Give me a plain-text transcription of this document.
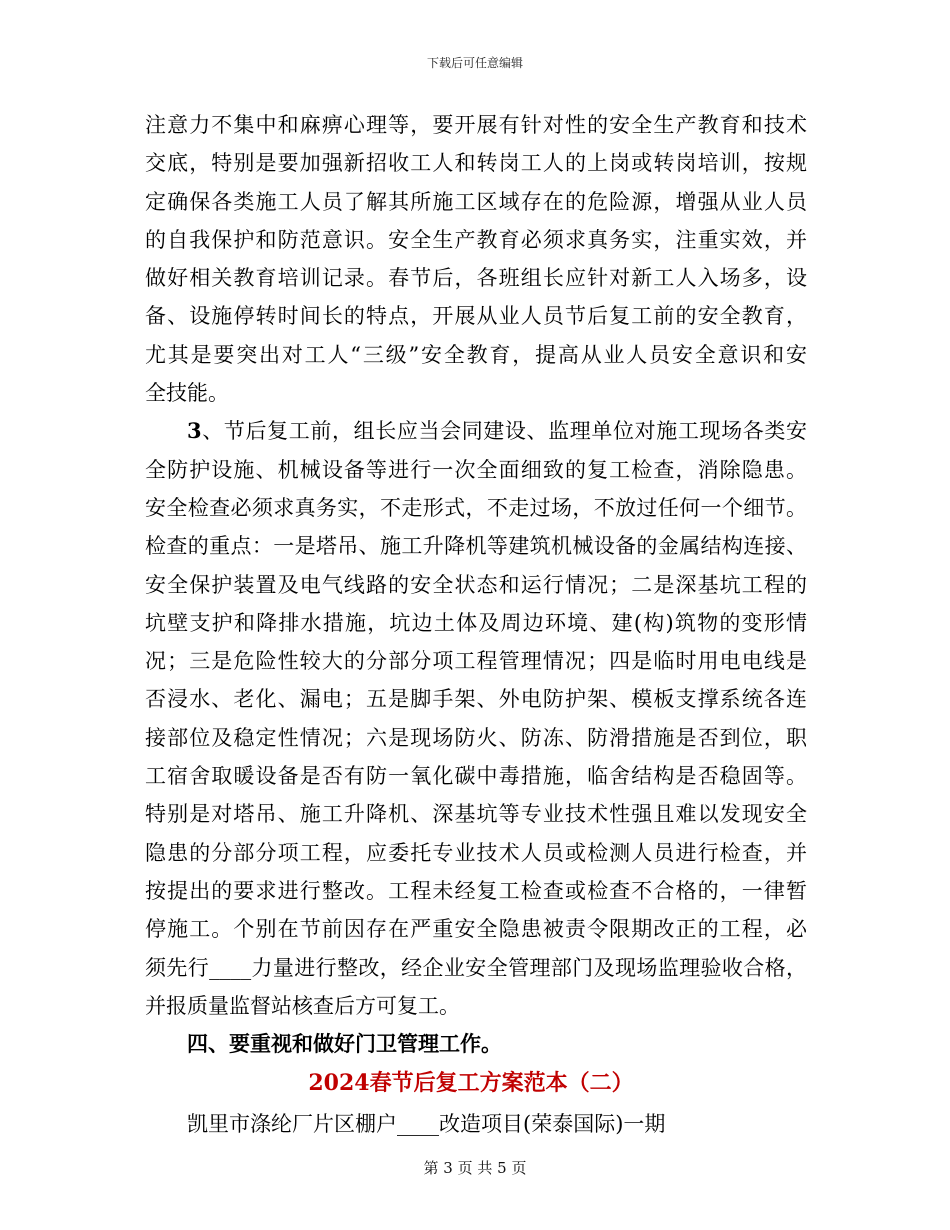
下载后可任意编辑
注意力不集中和麻痹心理等，要开展有针对性的安全生产教育和技术
交底，特别是要加强新招收工人和转岗工人的上岗或转岗培训，按规
定确保各类施工人员了解其所施工区域存在的危险源，增强从业人员
的自我保护和防范意识。安全生产教育必须求真务实，注重实效，并
做好相关教育培训记录。春节后，各班组长应针对新工人入场多，设
备、设施停转时间长的特点，开展从业人员节后复工前的安全教育，
尤其是要突出对工人“三级”安全教育，提高从业人员安全意识和安
全技能。
3、节后复工前，组长应当会同建设、监理单位对施工现场各类安
全防护设施、机械设备等进行一次全面细致的复工检查，消除隐患。
安全检查必须求真务实，不走形式，不走过场，不放过任何一个细节。
检查的重点：一是塔吊、施工升降机等建筑机械设备的金属结构连接、
安全保护装置及电气线路的安全状态和运行情况；二是深基坑工程的
坑壁支护和降排水措施，坑边土体及周边环境、建(构)筑物的变形情
况；三是危险性较大的分部分项工程管理情况；四是临时用电电线是
否浸水、老化、漏电；五是脚手架、外电防护架、模板支撑系统各连
接部位及稳定性情况；六是现场防火、防冻、防滑措施是否到位，职
工宿舍取暖设备是否有防一氧化碳中毒措施，临舍结构是否稳固等。
特别是对塔吊、施工升降机、深基坑等专业技术性强且难以发现安全
隐患的分部分项工程，应委托专业技术人员或检测人员进行检查，并
按提出的要求进行整改。工程未经复工检查或检查不合格的，一律暂
停施工。个别在节前因存在严重安全隐患被责令限期改正的工程，必
须先行____力量进行整改，经企业安全管理部门及现场监理验收合格，
并报质量监督站核查后方可复工。
四、要重视和做好门卫管理工作。
2024春节后复工方案范本（二）
凯里市涤纶厂片区棚户____改造项目(荣泰国际)一期
第 3 页 共 5 页
